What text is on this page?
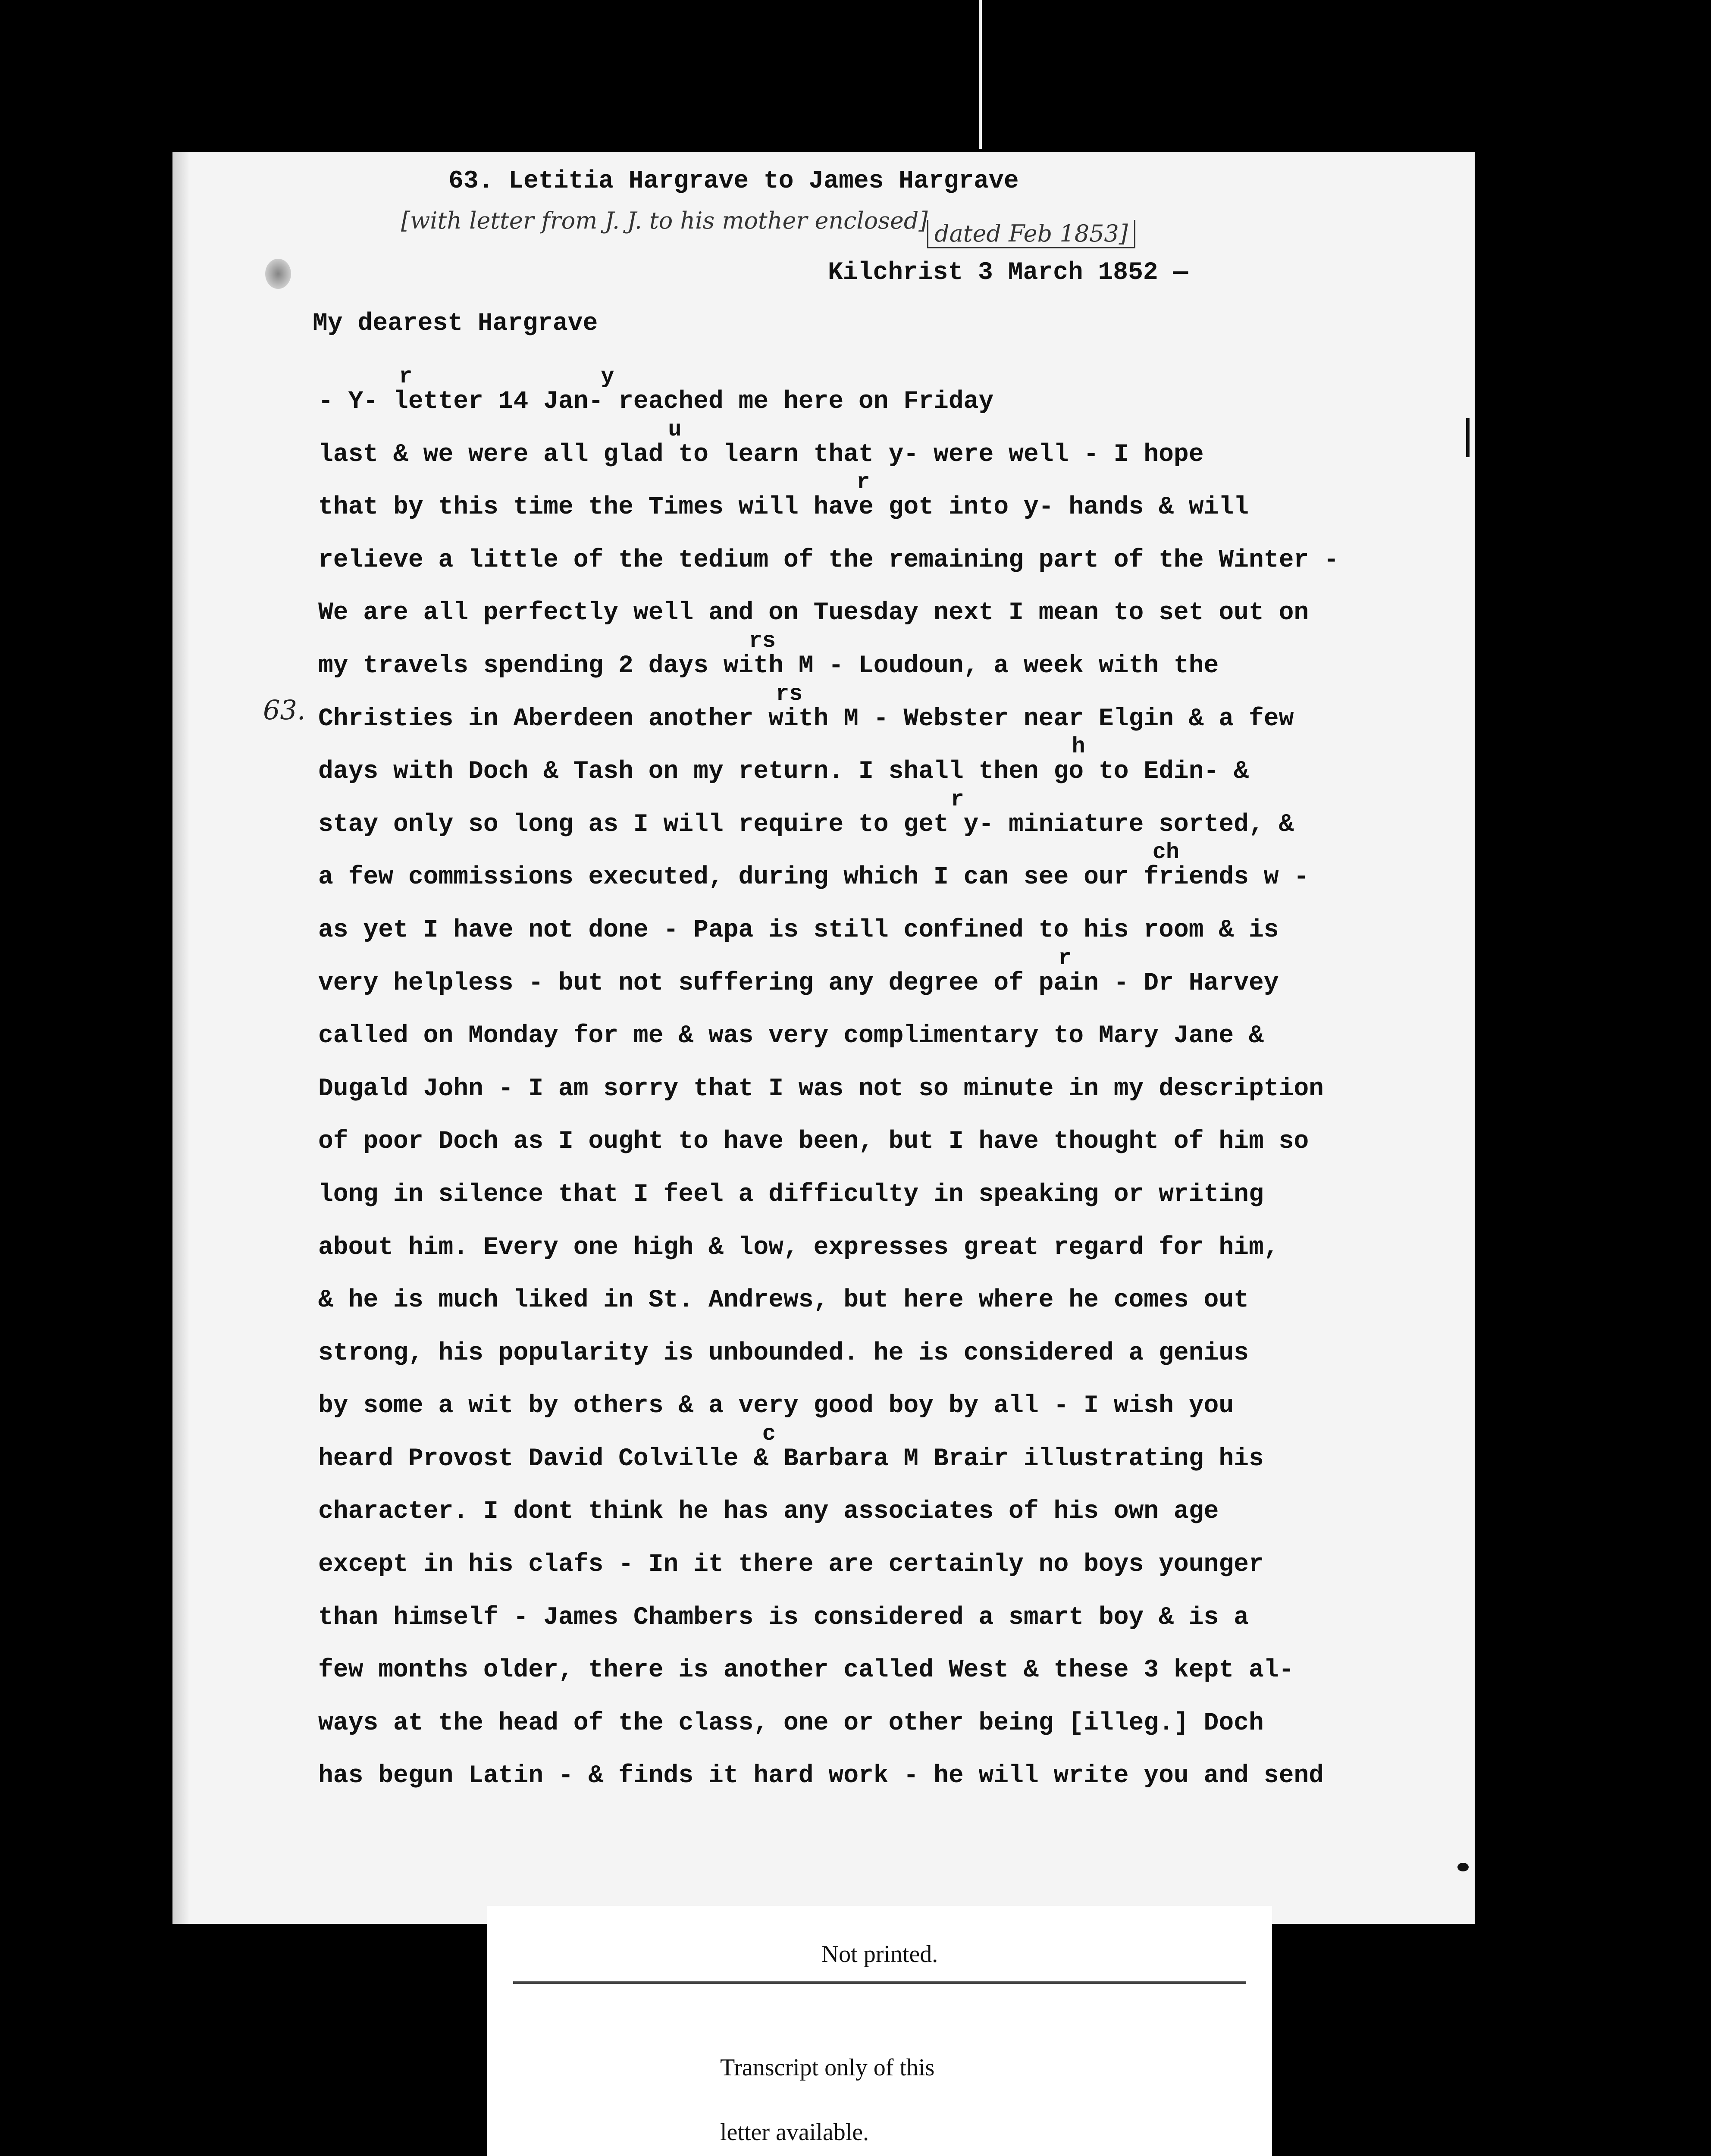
63. Letitia Hargrave to James Hargrave
[with letter from J. J. to his mother enclosed] dated Feb 1853]
Kilchrist 3 March 1852 —
My dearest Hargrave
63.
r              y
- Y- letter 14 Jan- reached me here on Friday
u
last & we were all glad to learn that y- were well - I hope
r
that by this time the Times will have got into y- hands & will
relieve a little of the tedium of the remaining part of the Winter -
We are all perfectly well and on Tuesday next I mean to set out on
rs
my travels spending 2 days with M - Loudoun, a week with the
rs
Christies in Aberdeen another with M - Webster near Elgin & a few
h
days with Doch & Tash on my return. I shall then go to Edin- &
r
stay only so long as I will require to get y- miniature sorted, &
ch
a few commissions executed, during which I can see our friends w -
as yet I have not done - Papa is still confined to his room & is
r
very helpless - but not suffering any degree of pain - Dr Harvey
called on Monday for me & was very complimentary to Mary Jane &
Dugald John - I am sorry that I was not so minute in my description
of poor Doch as I ought to have been, but I have thought of him so
long in silence that I feel a difficulty in speaking or writing
about him. Every one high & low, expresses great regard for him,
& he is much liked in St. Andrews, but here where he comes out
strong, his popularity is unbounded. he is considered a genius
by some a wit by others & a very good boy by all - I wish you
c
heard Provost David Colville & Barbara M Brair illustrating his
character. I dont think he has any associates of his own age
except in his clafs - In it there are certainly no boys younger
than himself - James Chambers is considered a smart boy & is a
few months older, there is another called West & these 3 kept al-
ways at the head of the class, one or other being [illeg.] Doch
has begun Latin - & finds it hard work - he will write you and send
Not printed.
Transcript only of this
letter available.
